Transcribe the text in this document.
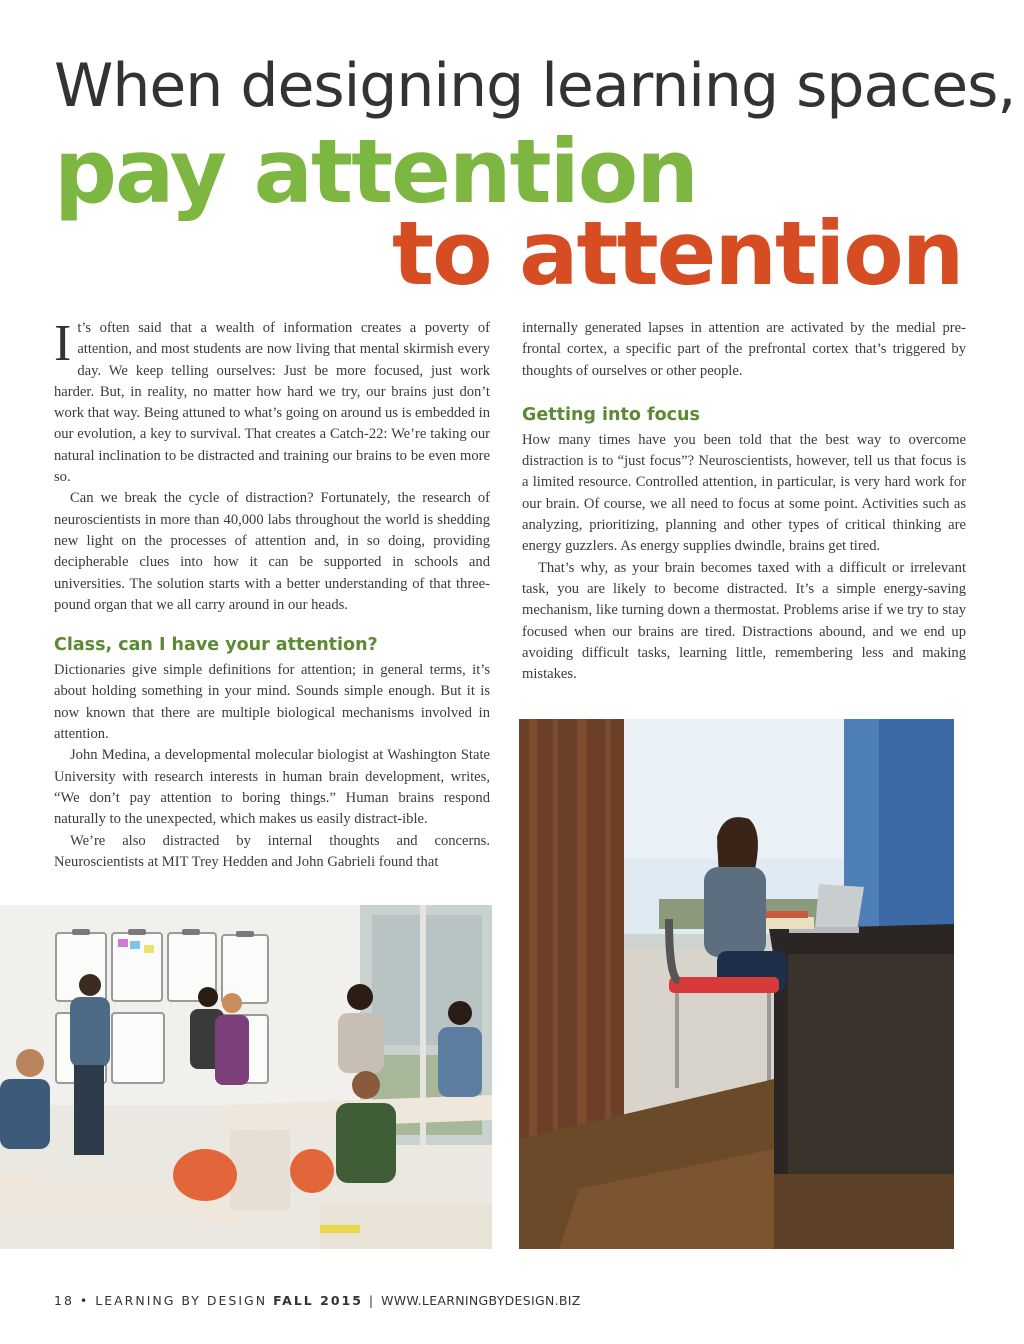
When designing learning spaces,
pay attention
to attention

It’s often said that a wealth of information creates a poverty of attention, and most students are now living that mental skirmish every day. We keep telling ourselves: Just be more focused, just work harder. But, in reality, no matter how hard we try, our brains just don’t work that way. Being attuned to what’s going on around us is embedded in our evolution, a key to survival. That creates a Catch-22: We’re taking our natural inclination to be distracted and training our brains to be even more so.

Can we break the cycle of distraction? Fortunately, the research of neuroscientists in more than 40,000 labs throughout the world is shedding new light on the processes of attention and, in so doing, providing decipherable clues into how it can be supported in schools and universities. The solution starts with a better understanding of that three-pound organ that we all carry around in our heads.

Class, can I have your attention?

Dictionaries give simple definitions for attention; in general terms, it’s about holding something in your mind. Sounds simple enough. But it is now known that there are multiple biological mechanisms involved in attention.

John Medina, a developmental molecular biologist at Washington State University with research interests in human brain development, writes, “We don’t pay attention to boring things.” Human brains respond naturally to the unexpected, which makes us easily distract-ible.

We’re also distracted by internal thoughts and concerns. Neuroscientists at MIT Trey Hedden and John Gabrieli found that

internally generated lapses in attention are activated by the medial pre-frontal cortex, a specific part of the prefrontal cortex that’s triggered by thoughts of ourselves or other people.

Getting into focus

How many times have you been told that the best way to overcome distraction is to “just focus”? Neuroscientists, however, tell us that focus is a limited resource. Controlled attention, in particular, is very hard work for our brain. Of course, we all need to focus at some point. Activities such as analyzing, prioritizing, planning and other types of critical thinking are energy guzzlers. As energy supplies dwindle, brains get tired.

That’s why, as your brain becomes taxed with a difficult or irrelevant task, you are likely to become distracted. It’s a simple energy-saving mechanism, like turning down a thermostat. Problems arise if we try to stay focused when our brains are tired. Distractions abound, and we end up avoiding difficult tasks, learning little, remembering less and making mistakes.

18 • LEARNING BY DESIGN FALL 2015 | WWW.LEARNINGBYDESIGN.BIZ
